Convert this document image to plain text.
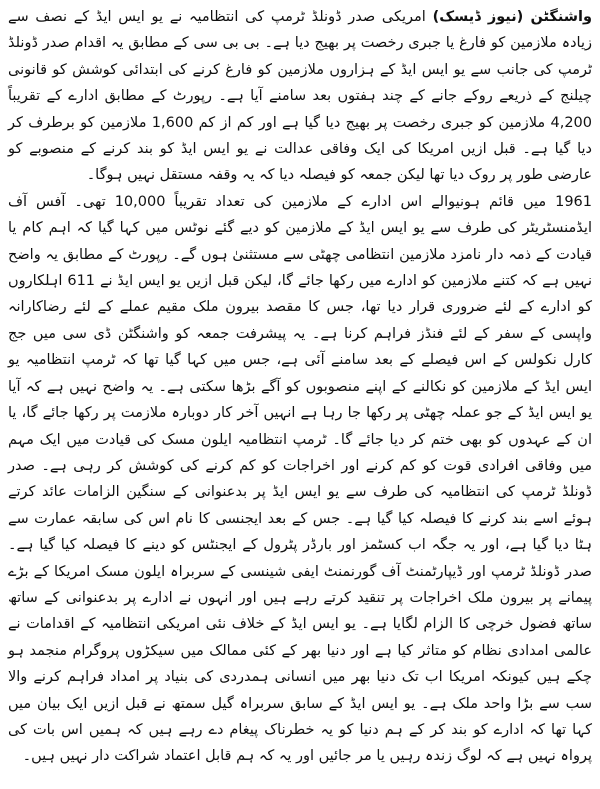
واشنگٹن (نیوز ڈیسک) امریکی صدر ڈونلڈ ٹرمپ کی انتظامیہ نے یو ایس ایڈ کے نصف سے زیادہ ملازمین کو فارغ یا جبری رخصت پر بھیج دیا ہے۔ بی بی سی کے مطابق یہ اقدام صدر ڈونلڈ ٹرمپ کی جانب سے یو ایس ایڈ کے ہزاروں ملازمین کو فارغ کرنے کی ابتدائی کوشش کو قانونی چیلنج کے ذریعے روکے جانے کے چند ہفتوں بعد سامنے آیا ہے۔ رپورٹ کے مطابق ادارے کے تقریباً 4,200 ملازمین کو جبری رخصت پر بھیج دیا گیا ہے اور کم از کم 1,600 ملازمین کو برطرف کر دیا گیا ہے۔ قبل ازیں امریکا کی ایک وفاقی عدالت نے یو ایس ایڈ کو بند کرنے کے منصوبے کو عارضی طور پر روک دیا تھا لیکن جمعہ کو فیصلہ دیا کہ یہ وقفہ مستقل نہیں ہوگا۔

1961 میں قائم ہونیوالے اس ادارے کے ملازمین کی تعداد تقریباً 10,000 تھی۔ آفس آف ایڈمنسٹریٹر کی طرف سے یو ایس ایڈ کے ملازمین کو دیے گئے نوٹس میں کہا گیا کہ اہم کام یا قیادت کے ذمہ دار نامزد ملازمین انتظامی چھٹی سے مستثنیٰ ہوں گے۔ رپورٹ کے مطابق یہ واضح نہیں ہے کہ کتنے ملازمین کو ادارے میں رکھا جائے گا، لیکن قبل ازیں یو ایس ایڈ نے 611 اہلکاروں کو ادارے کے لئے ضروری قرار دیا تھا، جس کا مقصد بیرون ملک مقیم عملے کے لئے رضاکارانہ واپسی کے سفر کے لئے فنڈز فراہم کرنا ہے۔ یہ پیشرفت جمعہ کو واشنگٹن ڈی سی میں جج کارل نکولس کے اس فیصلے کے بعد سامنے آئی ہے، جس میں کہا گیا تھا کہ ٹرمپ انتظامیہ یو ایس ایڈ کے ملازمین کو نکالنے کے اپنے منصوبوں کو آگے بڑھا سکتی ہے۔ یہ واضح نہیں ہے کہ آیا یو ایس ایڈ کے جو عملہ چھٹی پر رکھا جا رہا ہے انہیں آخر کار دوبارہ ملازمت پر رکھا جائے گا، یا ان کے عہدوں کو بھی ختم کر دیا جائے گا۔ ٹرمپ انتظامیہ ایلون مسک کی قیادت میں ایک مہم میں وفاقی افرادی قوت کو کم کرنے اور اخراجات کو کم کرنے کی کوشش کر رہی ہے۔ صدر ڈونلڈ ٹرمپ کی انتظامیہ کی طرف سے یو ایس ایڈ پر بدعنوانی کے سنگین الزامات عائد کرتے ہوئے اسے بند کرنے کا فیصلہ کیا گیا ہے۔ جس کے بعد ایجنسی کا نام اس کی سابقہ عمارت سے ہٹا دیا گیا ہے، اور یہ جگہ اب کسٹمز اور بارڈر پٹرول کے ایجنٹس کو دینے کا فیصلہ کیا گیا ہے۔ صدر ڈونلڈ ٹرمپ اور ڈیپارٹمنٹ آف گورنمنٹ ایفی شینسی کے سربراہ ایلون مسک امریکا کے بڑے پیمانے پر بیرون ملک اخراجات پر تنقید کرتے رہے ہیں اور انہوں نے ادارے پر بدعنوانی کے ساتھ ساتھ فضول خرچی کا الزام لگایا ہے۔ یو ایس ایڈ کے خلاف نئی امریکی انتظامیہ کے اقدامات نے عالمی امدادی نظام کو متاثر کیا ہے اور دنیا بھر کے کئی ممالک میں سیکڑوں پروگرام منجمد ہو چکے ہیں کیونکہ امریکا اب تک دنیا بھر میں انسانی ہمدردی کی بنیاد پر امداد فراہم کرنے والا سب سے بڑا واحد ملک ہے۔ یو ایس ایڈ کے سابق سربراہ گیل سمتھ نے قبل ازیں ایک بیان میں کہا تھا کہ ادارے کو بند کر کے ہم دنیا کو یہ خطرناک پیغام دے رہے ہیں کہ ہمیں اس بات کی پرواہ نہیں ہے کہ لوگ زندہ رہیں یا مر جائیں اور یہ کہ ہم قابل اعتماد شراکت دار نہیں ہیں۔
